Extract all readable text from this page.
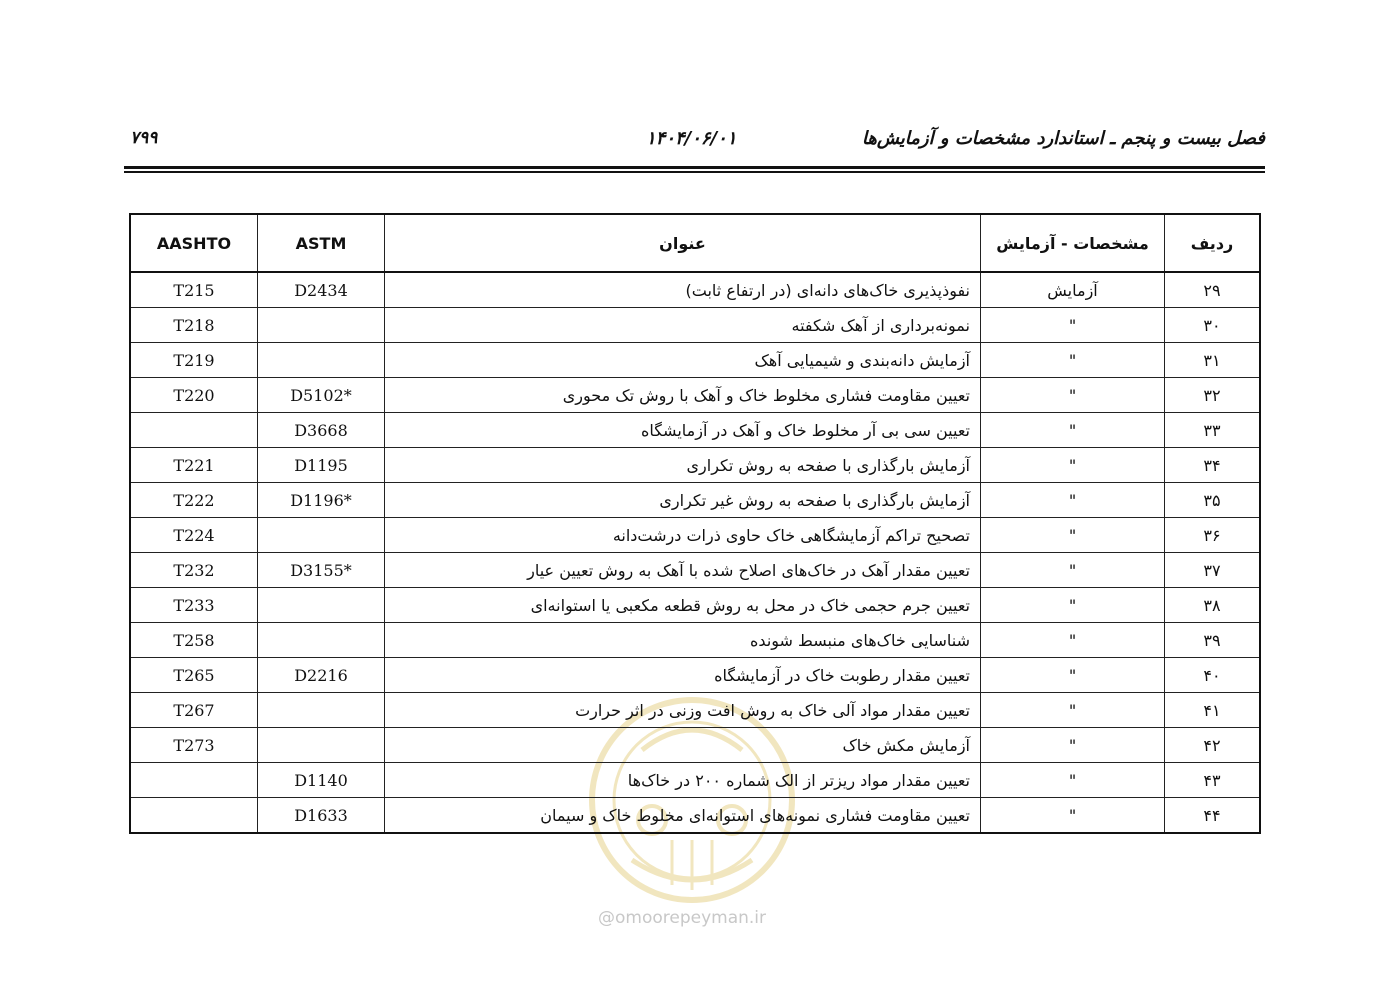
فصل بیست و پنجم ـ استاندارد مشخصات و آزمایش‌ها
۱۴۰۴/۰۶/۰۱
۷۹۹
@omoorepeyman.ir
ردیف	مشخصات - آزمایش	عنوان	ASTM	AASHTO
۲۹	آزمایش	نفوذپذیری خاک‌های دانه‌ای (در ارتفاع ثابت)	D2434	T215
۳۰	"	نمونه‌برداری از آهک شکفته		T218
۳۱	"	آزمایش دانه‌بندی و شیمیایی آهک		T219
۳۲	"	تعیین مقاومت فشاری مخلوط خاک و آهک با روش تک محوری	D5102*	T220
۳۳	"	تعیین سی بی آر مخلوط خاک و آهک در آزمایشگاه	D3668	
۳۴	"	آزمایش بارگذاری با صفحه به روش تکراری	D1195	T221
۳۵	"	آزمایش بارگذاری با صفحه به روش غیر تکراری	D1196*	T222
۳۶	"	تصحیح تراکم آزمایشگاهی خاک حاوی ذرات درشت‌دانه		T224
۳۷	"	تعیین مقدار آهک در خاک‌های اصلاح شده با آهک به روش تعیین عیار	D3155*	T232
۳۸	"	تعیین جرم حجمی خاک در محل به روش قطعه مکعبی یا استوانه‌ای		T233
۳۹	"	شناسایی خاک‌های منبسط شونده		T258
۴۰	"	تعیین مقدار رطوبت خاک در آزمایشگاه	D2216	T265
۴۱	"	تعیین مقدار مواد آلی خاک به روش افت وزنی در اثر حرارت		T267
۴۲	"	آزمایش مکش خاک		T273
۴۳	"	تعیین مقدار مواد ریزتر از الک شماره ۲۰۰ در خاک‌ها	D1140	
۴۴	"	تعیین مقاومت فشاری نمونه‌های استوانه‌ای مخلوط خاک و سیمان	D1633	
